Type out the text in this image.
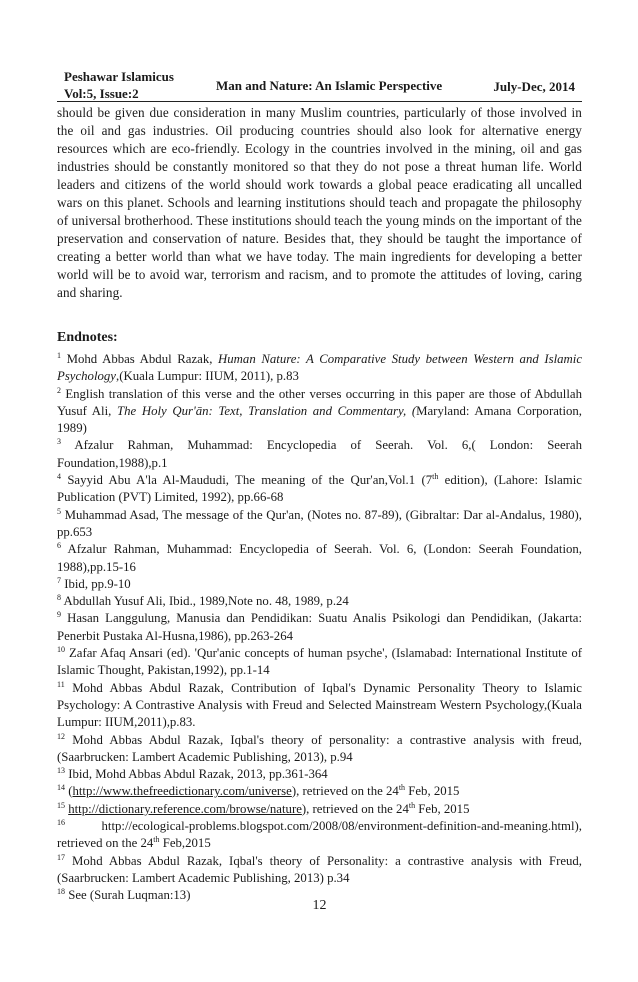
Peshawar Islamicus
Vol:5, Issue:2
Man and Nature: An Islamic Perspective	July-Dec, 2014
should be given due consideration in many Muslim countries, particularly of those involved in the oil and gas industries. Oil producing countries should also look for alternative energy resources which are eco-friendly. Ecology in the countries involved in the mining, oil and gas industries should be constantly monitored so that they do not pose a threat human life. World leaders and citizens of the world should work towards a global peace eradicating all uncalled wars on this planet. Schools and learning institutions should teach and propagate the philosophy of universal brotherhood. These institutions should teach the young minds on the important of the preservation and conservation of nature. Besides that, they should be taught the importance of creating a better world than what we have today. The main ingredients for developing a better world will be to avoid war, terrorism and racism, and to promote the attitudes of loving, caring and sharing.
Endnotes:
$^1$ Mohd Abbas Abdul Razak, Human Nature: A Comparative Study between Western and Islamic Psychology,(Kuala Lumpur: IIUM, 2011), p.83
$^2$ English translation of this verse and the other verses occurring in this paper are those of Abdullah Yusuf Ali, The Holy Qur'ān: Text, Translation and Commentary, (Maryland: Amana Corporation, 1989)
$^3$ Afzalur Rahman, Muhammad: Encyclopedia of Seerah. Vol. 6,( London: Seerah Foundation,1988),p.1
$^4$ Sayyid Abu A'la Al-Maududi, The meaning of the Qur'an,Vol.1 (7th edition), (Lahore: Islamic Publication (PVT) Limited, 1992), pp.66-68
$^5$ Muhammad Asad, The message of the Qur'an, (Notes no. 87-89), (Gibraltar: Dar al-Andalus, 1980), pp.653
$^6$ Afzalur Rahman, Muhammad: Encyclopedia of Seerah. Vol. 6, (London: Seerah Foundation, 1988),pp.15-16
$^7$ Ibid, pp.9-10
$^8$ Abdullah Yusuf Ali, Ibid., 1989,Note no. 48, 1989, p.24
$^9$ Hasan Langgulung, Manusia dan Pendidikan: Suatu Analis Psikologi dan Pendidikan, (Jakarta: Penerbit Pustaka Al-Husna,1986), pp.263-264
$^{10}$ Zafar Afaq Ansari (ed). 'Qur'anic concepts of human psyche', (Islamabad: International Institute of Islamic Thought, Pakistan,1992), pp.1-14
$^{11}$ Mohd Abbas Abdul Razak, Contribution of Iqbal's Dynamic Personality Theory to Islamic Psychology: A Contrastive Analysis with Freud and Selected Mainstream Western Psychology,(Kuala Lumpur: IIUM,2011),p.83.
$^{12}$ Mohd Abbas Abdul Razak, Iqbal's theory of personality: a contrastive analysis with freud, (Saarbrucken: Lambert Academic Publishing, 2013), p.94
$^{13}$ Ibid, Mohd Abbas Abdul Razak, 2013, pp.361-364
$^{14}$ (http://www.thefreedictionary.com/universe), retrieved on the 24th Feb, 2015
$^{15}$ http://dictionary.reference.com/browse/nature), retrieved on the 24th Feb, 2015
$^{16}$	http://ecological-problems.blogspot.com/2008/08/environment-definition-and-meaning.html), retrieved on the 24th Feb,2015
$^{17}$ Mohd Abbas Abdul Razak, Iqbal's theory of Personality: a contrastive analysis with Freud, (Saarbrucken: Lambert Academic Publishing, 2013) p.34
$^{18}$ See (Surah Luqman:13)
12
